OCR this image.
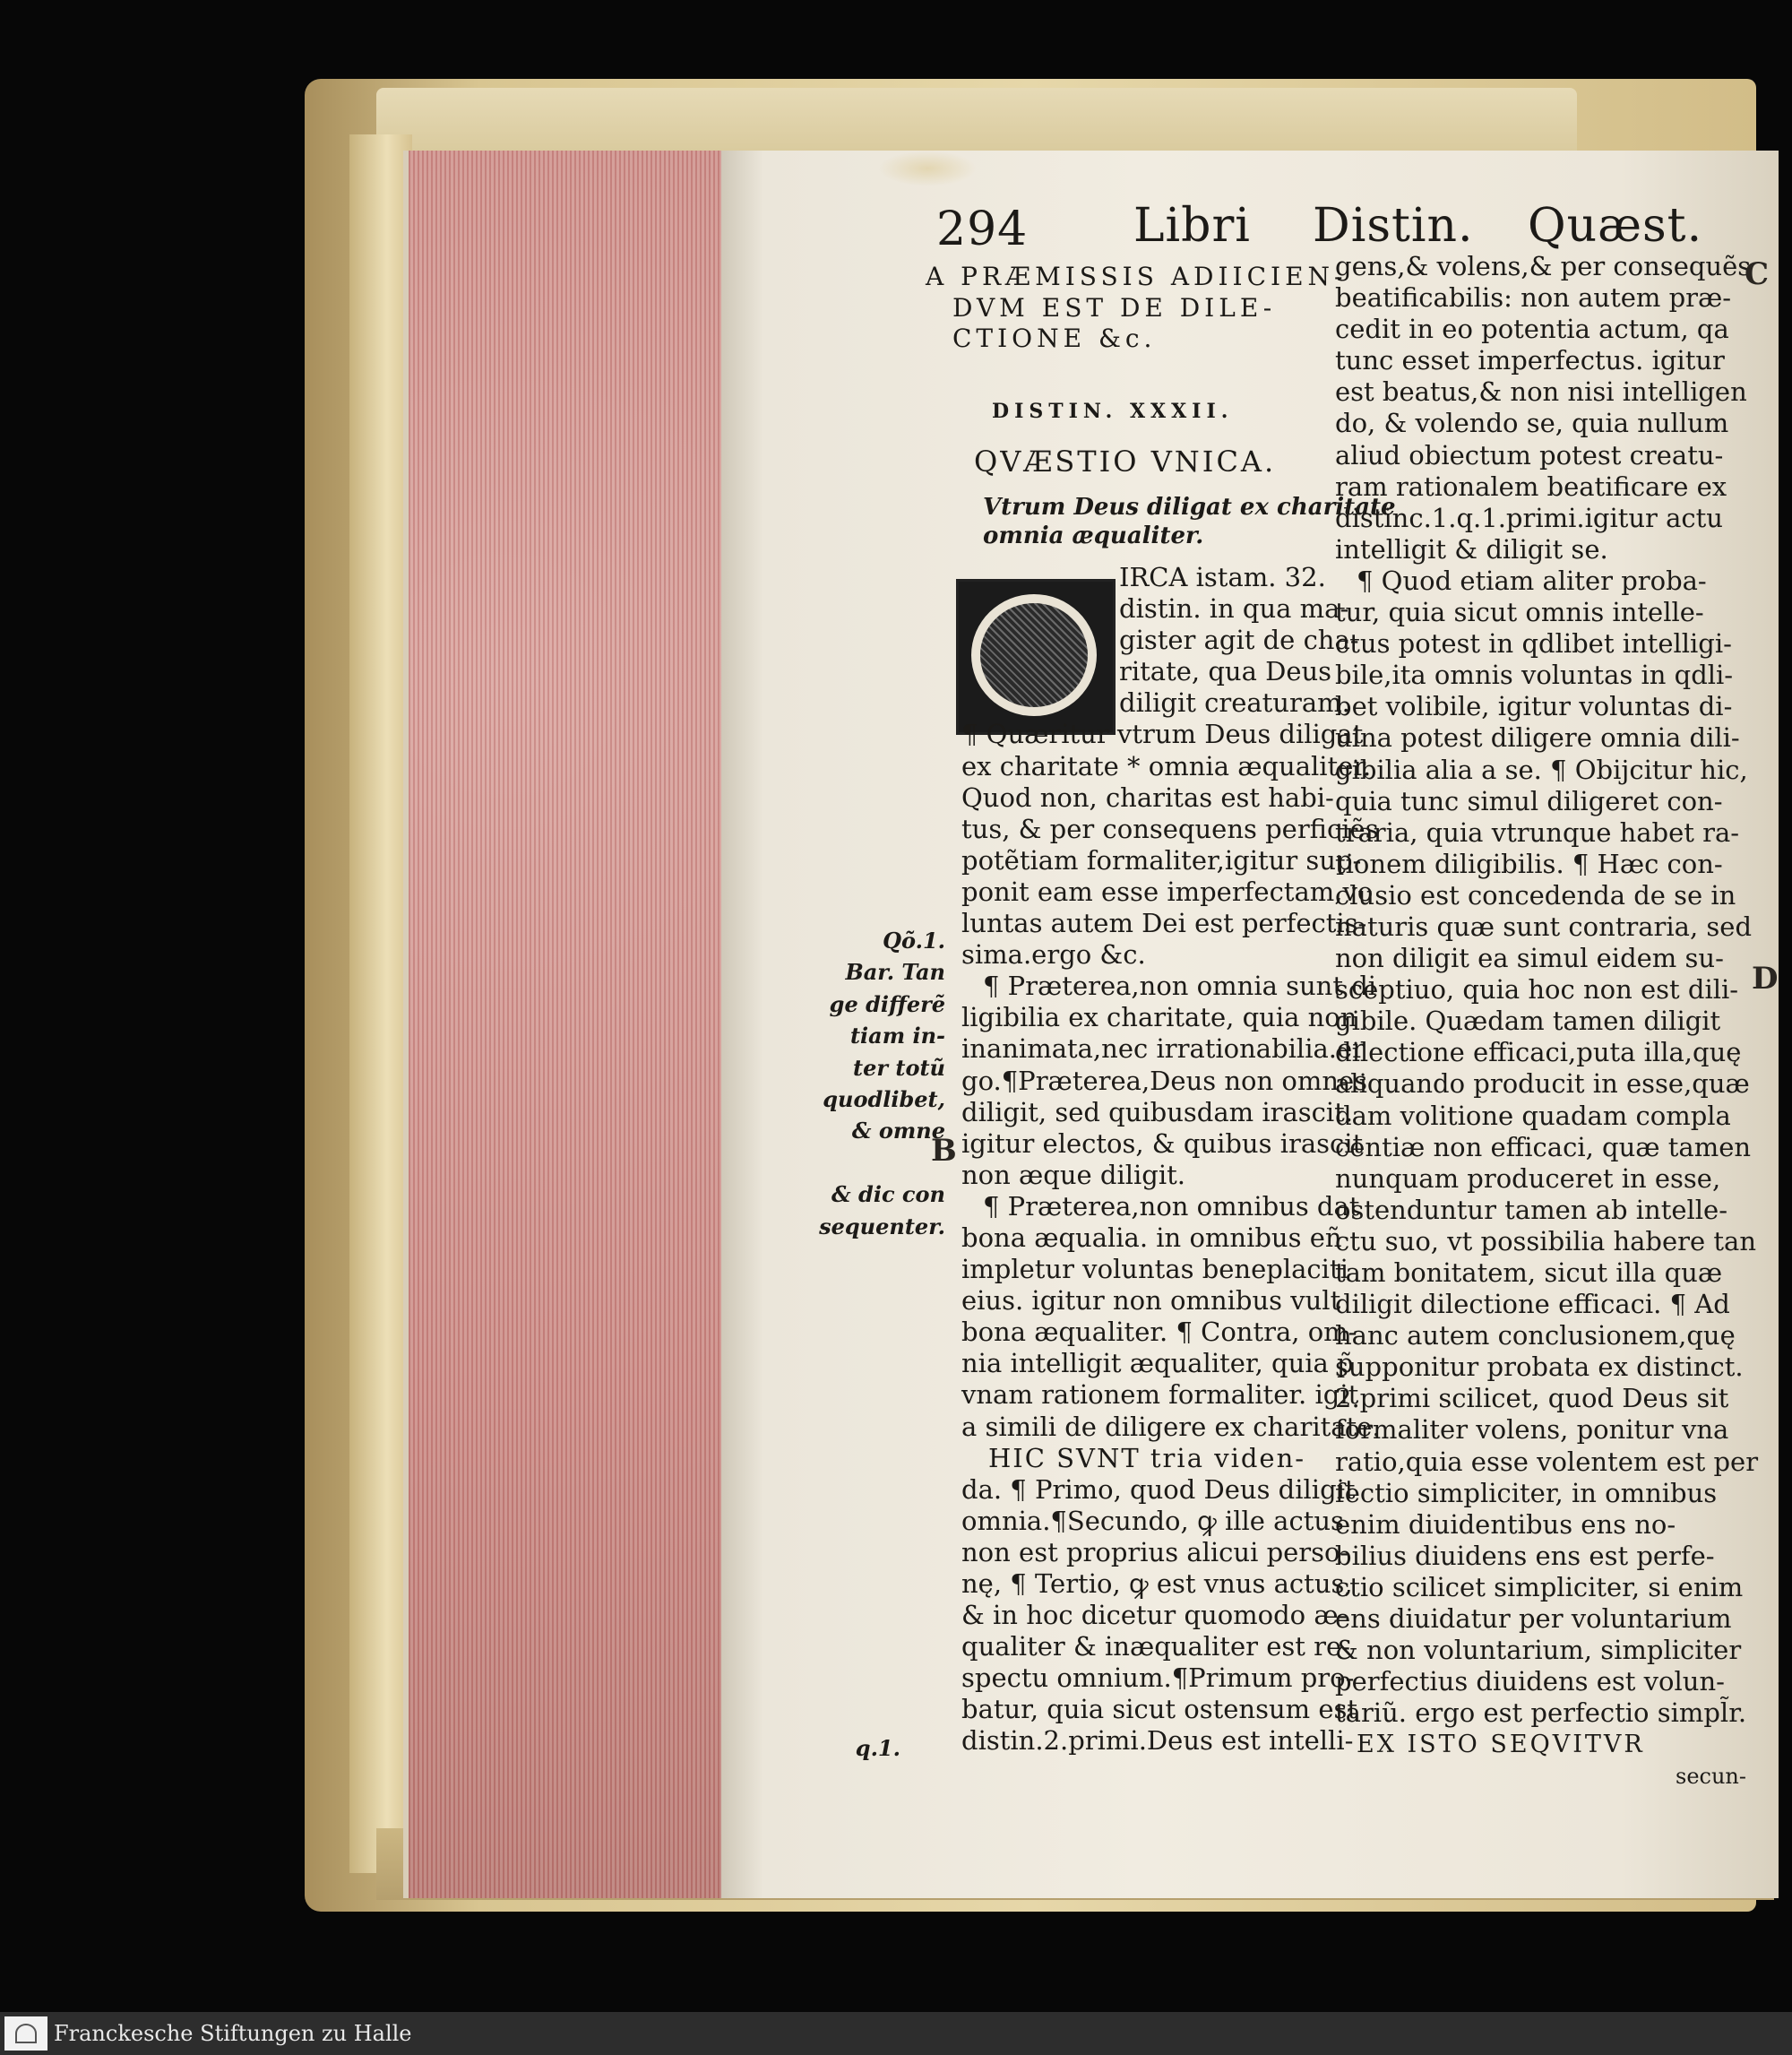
294 Libri Distin. Quæst.
A PRÆMISSIS ADIICIEN-
DVM EST DE DILE-
CTIONE &c.
DISTIN. XXXII.
QVÆSTIO VNICA.
Vtrum Deus diligat ex charitate
omnia æqualiter.
IRCA istam. 32.
distin. in qua ma-
gister agit de cha-
ritate, qua Deus
diligit creaturam.
¶ Quæritur vtrum Deus diligat
ex charitate * omnia æqualiter.
Quod non, charitas est habi-
tus, & per consequens perficiẽs
potẽtiam formaliter,igitur sup-
ponit eam esse imperfectam,vo
luntas autem Dei est perfectis-
sima.ergo &c.
¶ Præterea,non omnia sunt di
ligibilia ex charitate, quia non
inanimata,nec irrationabilia.er
go.¶Præterea,Deus non omnes
diligit, sed quibusdam irascit.
igitur electos, & quibus irascit
non æque diligit.
¶ Præterea,non omnibus dat
bona æqualia. in omnibus eñ
impletur voluntas beneplaciti
eius. igitur non omnibus vult
bona æqualiter. ¶ Contra, om-
nia intelligit æqualiter, quia p̃
vnam rationem formaliter. igit
a simili de diligere ex charitate.
HIC SVNT tria viden-
da. ¶ Primo, quod Deus diligit
omnia.¶Secundo, ꝙ ille actus
non est proprius alicui perso-
nę, ¶ Tertio, ꝙ est vnus actus,
& in hoc dicetur quomodo æ-
qualiter & inæqualiter est re-
spectu omnium.¶Primum pro-
batur, quia sicut ostensum est
distin.2.primi.Deus est intelli-
Qõ.1.
Bar. Tan
ge differẽ
tiam in-
ter totũ
quodlibet,
& omne

& dic con
sequenter.
B
q.1.
gens,& volens,& per consequẽs
beatificabilis: non autem præ-
cedit in eo potentia actum, qa
tunc esset imperfectus. igitur
est beatus,& non nisi intelligen
do, & volendo se, quia nullum
aliud obiectum potest creatu-
ram rationalem beatificare ex
distinc.1.q.1.primi.igitur actu
intelligit & diligit se.
¶ Quod etiam aliter proba-
tur, quia sicut omnis intelle-
ctus potest in qdlibet intelligi-
bile,ita omnis voluntas in qdli-
bet volibile, igitur voluntas di-
uina potest diligere omnia dili-
gibilia alia a se. ¶ Obijcitur hic,
quia tunc simul diligeret con-
traria, quia vtrunque habet ra-
tionem diligibilis. ¶ Hæc con-
clusio est concedenda de se in
naturis quæ sunt contraria, sed
non diligit ea simul eidem su-
sceptiuo, quia hoc non est dili-
gibile. Quædam tamen diligit
dilectione efficaci,puta illa,quę
aliquando producit in esse,quæ
dam volitione quadam compla
centiæ non efficaci, quæ tamen
nunquam produceret in esse,
ostenduntur tamen ab intelle-
ctu suo, vt possibilia habere tan
tam bonitatem, sicut illa quæ
diligit dilectione efficaci. ¶ Ad
hanc autem conclusionem,quę
supponitur probata ex distinct.
2.primi scilicet, quod Deus sit
formaliter volens, ponitur vna
ratio,quia esse volentem est per
fectio simpliciter, in omnibus
enim diuidentibus ens no-
bilius diuidens ens est perfe-
ctio scilicet simpliciter, si enim
ens diuidatur per voluntarium
& non voluntarium, simpliciter
perfectius diuidens est volun-
tariũ. ergo est perfectio simpl̃r.
EX ISTO SEQVITVR
secun-
C
D
Franckesche Stiftungen zu Halle
